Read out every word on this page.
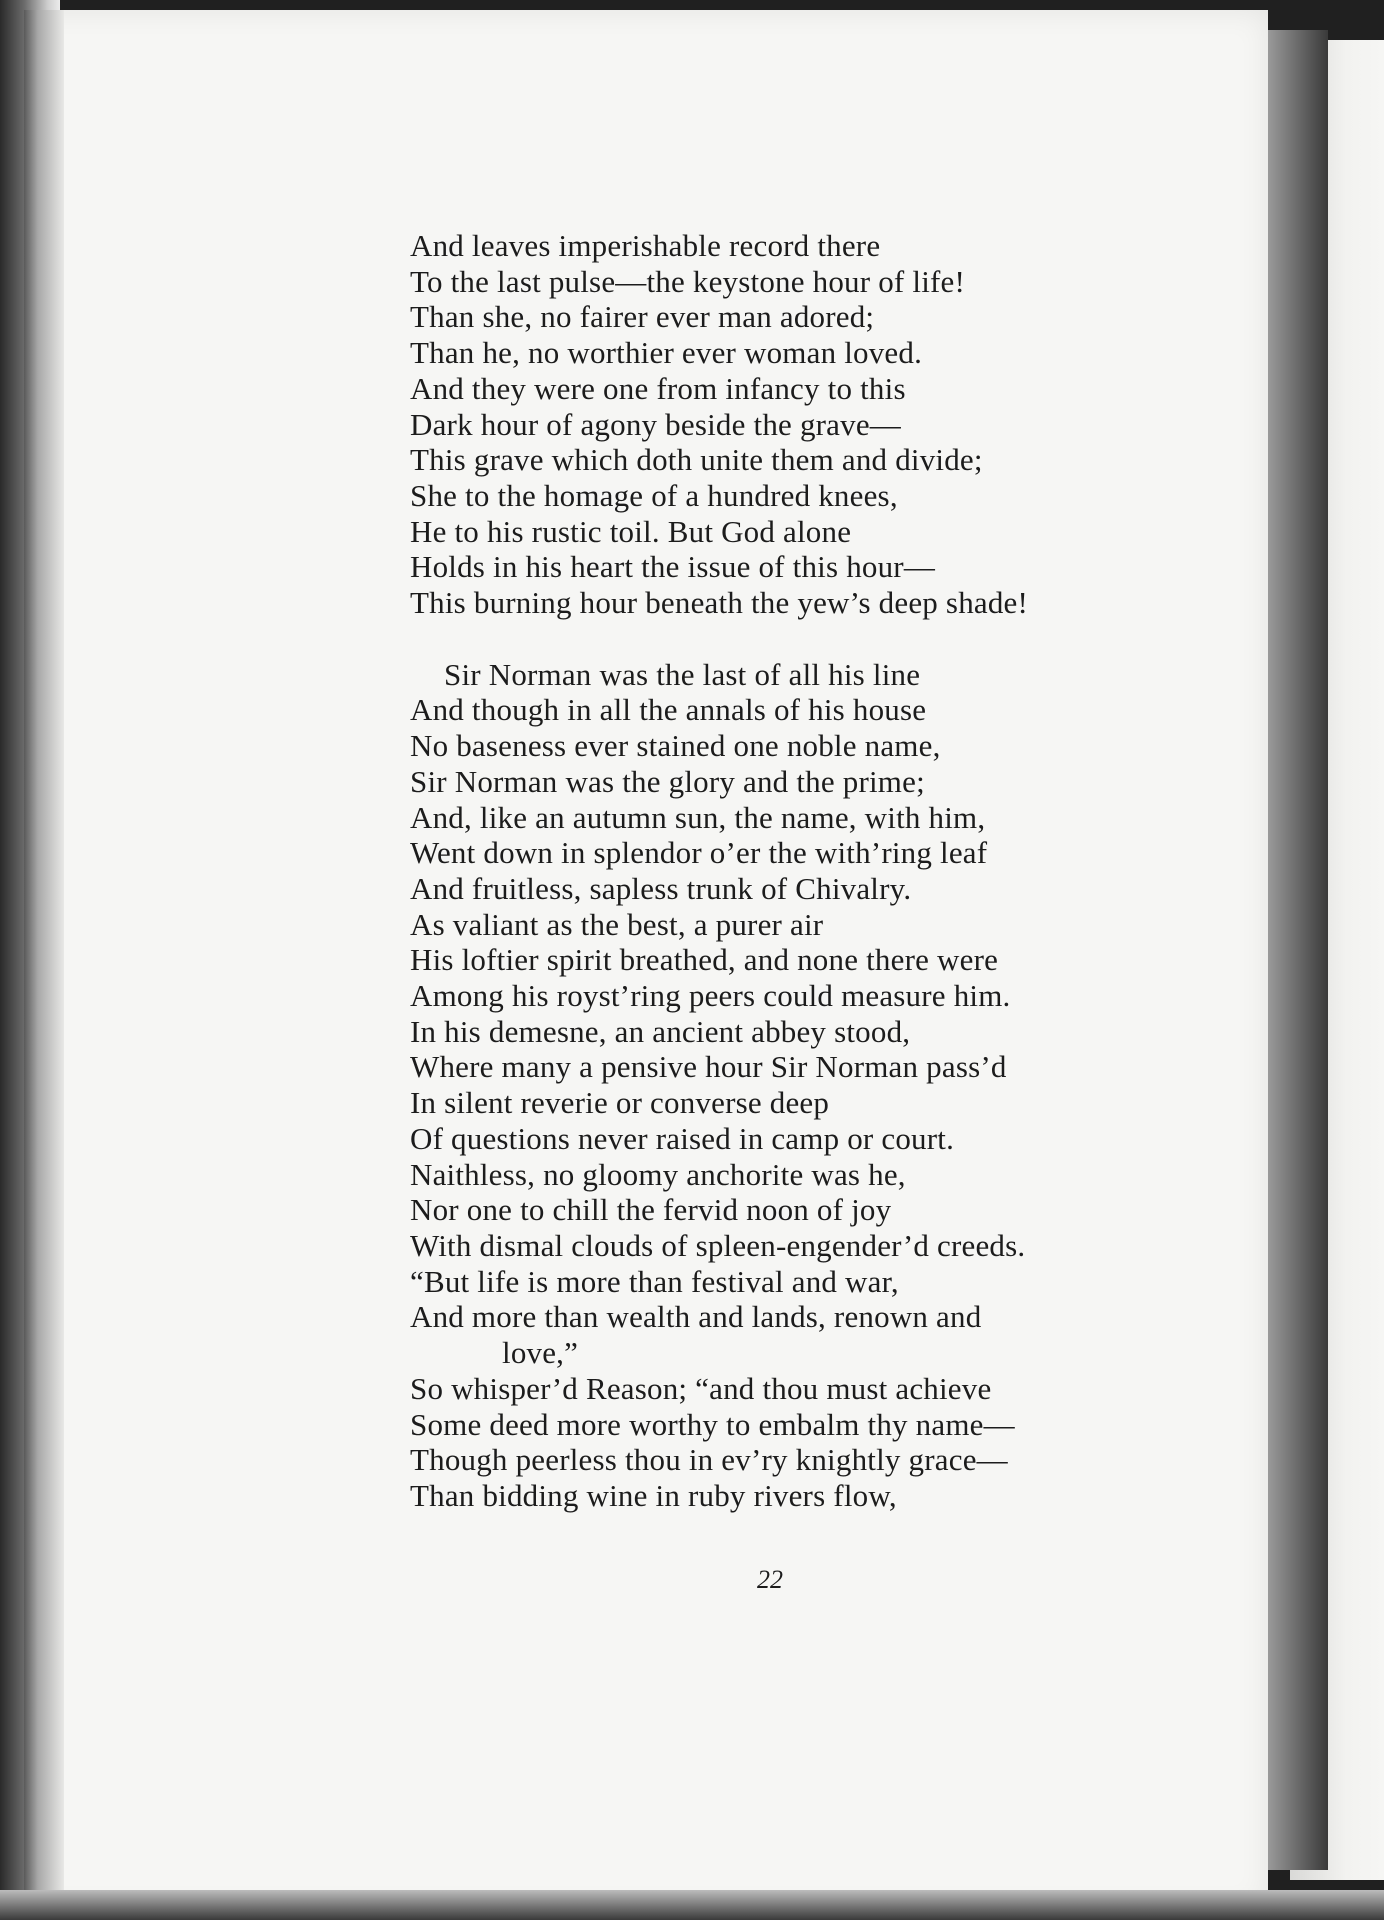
And leaves imperishable record there
To the last pulse—the keystone hour of life!
Than she, no fairer ever man adored;
Than he, no worthier ever woman loved.
And they were one from infancy to this
Dark hour of agony beside the grave—
This grave which doth unite them and divide;
She to the homage of a hundred knees,
He to his rustic toil. But God alone
Holds in his heart the issue of this hour—
This burning hour beneath the yew’s deep shade!
Sir Norman was the last of all his line
And though in all the annals of his house
No baseness ever stained one noble name,
Sir Norman was the glory and the prime;
And, like an autumn sun, the name, with him,
Went down in splendor o’er the with’ring leaf
And fruitless, sapless trunk of Chivalry.
As valiant as the best, a purer air
His loftier spirit breathed, and none there were
Among his royst’ring peers could measure him.
In his demesne, an ancient abbey stood,
Where many a pensive hour Sir Norman pass’d
In silent reverie or converse deep
Of questions never raised in camp or court.
Naithless, no gloomy anchorite was he,
Nor one to chill the fervid noon of joy
With dismal clouds of spleen-engender’d creeds.
“But life is more than festival and war,
And more than wealth and lands, renown and
love,”
So whisper’d Reason; “and thou must achieve
Some deed more worthy to embalm thy name—
Though peerless thou in ev’ry knightly grace—
Than bidding wine in ruby rivers flow,
22
